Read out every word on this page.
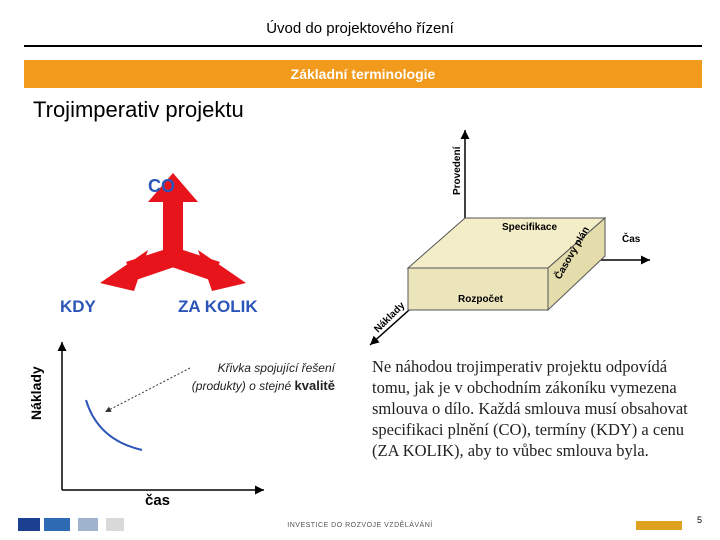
Úvod do projektového řízení
Základní terminologie
Trojimperativ projektu
CO
KDY	ZA KOLIK
Náklady
čas
Křivka spojující řešení (produkty) o stejné kvalitě
Provedení
Čas
Náklady
Specifikace
Časový plán
Rozpočet
Ne náhodou trojimperativ projektu odpovídá tomu, jak je v obchodním zákoníku vymezena smlouva o dílo. Každá smlouva musí obsahovat specifikaci plnění (CO), termíny (KDY) a cenu (ZA KOLIK), aby to vůbec smlouva byla.
INVESTICE DO ROZVOJE VZDĚLÁVÁNÍ
5
